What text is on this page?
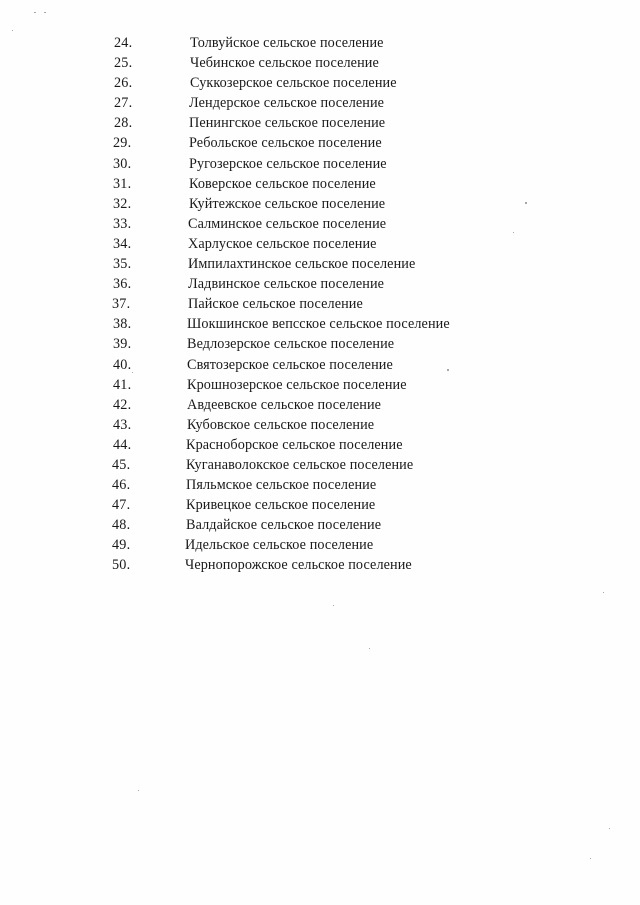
24.	Толвуйское сельское поселение
25.	Чебинское сельское поселение
26.	Суккозерское сельское поселение
27.	Лендерское сельское поселение
28.	Пенингское сельское поселение
29.	Ребольское сельское поселение
30.	Ругозерское сельское поселение
31.	Коверское сельское поселение
32.	Куйтежское сельское поселение
33.	Салминское сельское поселение
34.	Харлуское сельское поселение
35.	Импилахтинское сельское поселение
36.	Ладвинское сельское поселение
37.	Пайское сельское поселение
38.	Шокшинское вепсское сельское поселение
39.	Ведлозерское сельское поселение
40.	Святозерское сельское поселение
41.	Крошнозерское сельское поселение
42.	Авдеевское сельское поселение
43.	Кубовское сельское поселение
44.	Красноборское сельское поселение
45.	Куганаволокское сельское поселение
46.	Пяльмское сельское поселение
47.	Кривецкое сельское поселение
48.	Валдайское сельское поселение
49.	Идельское сельское поселение
50.	Чернопорожское сельское поселение
